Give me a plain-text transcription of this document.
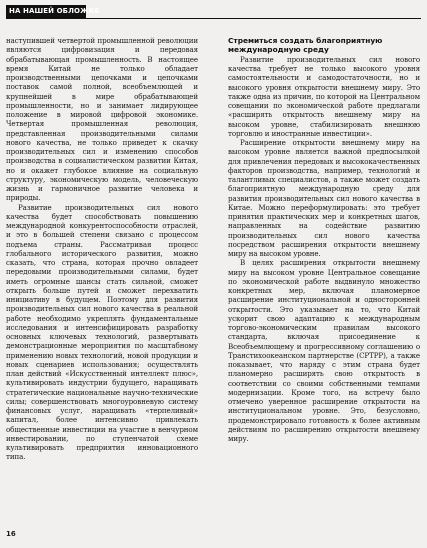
НА НАШЕЙ ОБЛОЖКЕ

наступившей четвертой промышленной революции являются цифровизация и передовая обрабатывающая промышленность. В настоящее время Китай не только обладает производственными цепочками и цепочками поставок самой полной, всеобъемлющей и крупнейшей в мире обрабатывающей промышленности, но и занимает лидирующее положение в мировой цифровой экономике. Четвертая промышленная революция, представленная производительными силами нового качества, не только приведет к скачку производительных сил и изменению способов производства в социалистическом развитии Китая, но и окажет глубокое влияние на социальную структуру, экономическую модель, человеческую жизнь и гармоничное развитие человека и природы.

Развитие производительных сил нового качества будет способствовать повышению международной конкурентоспособности отраслей, и это в большей степени связано с процессом подъема страны. Рассматривая процесс глобального исторического развития, можно сказать, что страна, которая прочно овладеет передовыми производительными силами, будет иметь огромные шансы стать сильной, сможет открыть больше путей и сможет перехватить инициативу в будущем. Поэтому для развития производительных сил нового качества в реальной работе необходимо укреплять фундаментальные исследования и интенсифицировать разработку основных ключевых технологий, развертывать демонстрационные мероприятия по масштабному применению новых технологий, новой продукции и новых сценариев использования; осуществлять план действий «Искусственный интеллект плюс», культивировать индустрии будущего, наращивать стратегические национальные научно-технические силы; совершенствовать многоуровневую систему финансовых услуг, наращивать «терпеливый» капитал, более интенсивно привлекать общественные инвестиции на участие в венчурном инвестировании, по ступенчатой схеме культивировать предприятия инновационного типа.

Стремиться создать благоприятную международную среду

Развитие производительных сил нового качества требует не только высокого уровня самостоятельности и самодостаточности, но и высокого уровня открытости внешнему миру. Это также одна из причин, по которой на Центральном совещании по экономической работе предлагали «расширять открытость внешнему миру на высоком уровне, стабилизировать внешнюю торговлю и иностранные инвестиции».

Расширение открытости внешнему миру на высоком уровне является важной предпосылкой для привлечения передовых и высококачественных факторов производства, например, технологий и талантливых специалистов, а также может создать благоприятную международную среду для развития производительных сил нового качества в Китае. Можно переформулировать: это требует принятия практических мер и конкретных шагов, направленных на содействие развитию производительных сил нового качества посредством расширения открытости внешнему миру на высоком уровне.

В целях расширения открытости внешнему миру на высоком уровне Центральное совещание по экономической работе выдвинуло множество конкретных мер, включая планомерное расширение институциональной и односторонней открытости. Это указывает на то, что Китай ускорит свою адаптацию к международным торгово-экономическим правилам высокого стандарта, включая присоединение к Всеобъемлющему и прогрессивному соглашению о Транстихоокеанском партнерстве (CPTPP), а также показывает, что наряду с этим страна будет планомерно расширять свою открытость в соответствии со своими собственными темпами модернизации. Кроме того, на встречу было отмечено уверенное расширение открытости на институциональном уровне. Это, безусловно, продемонстрировало готовность к более активным действиям по расширению открытости внешнему миру.

16
